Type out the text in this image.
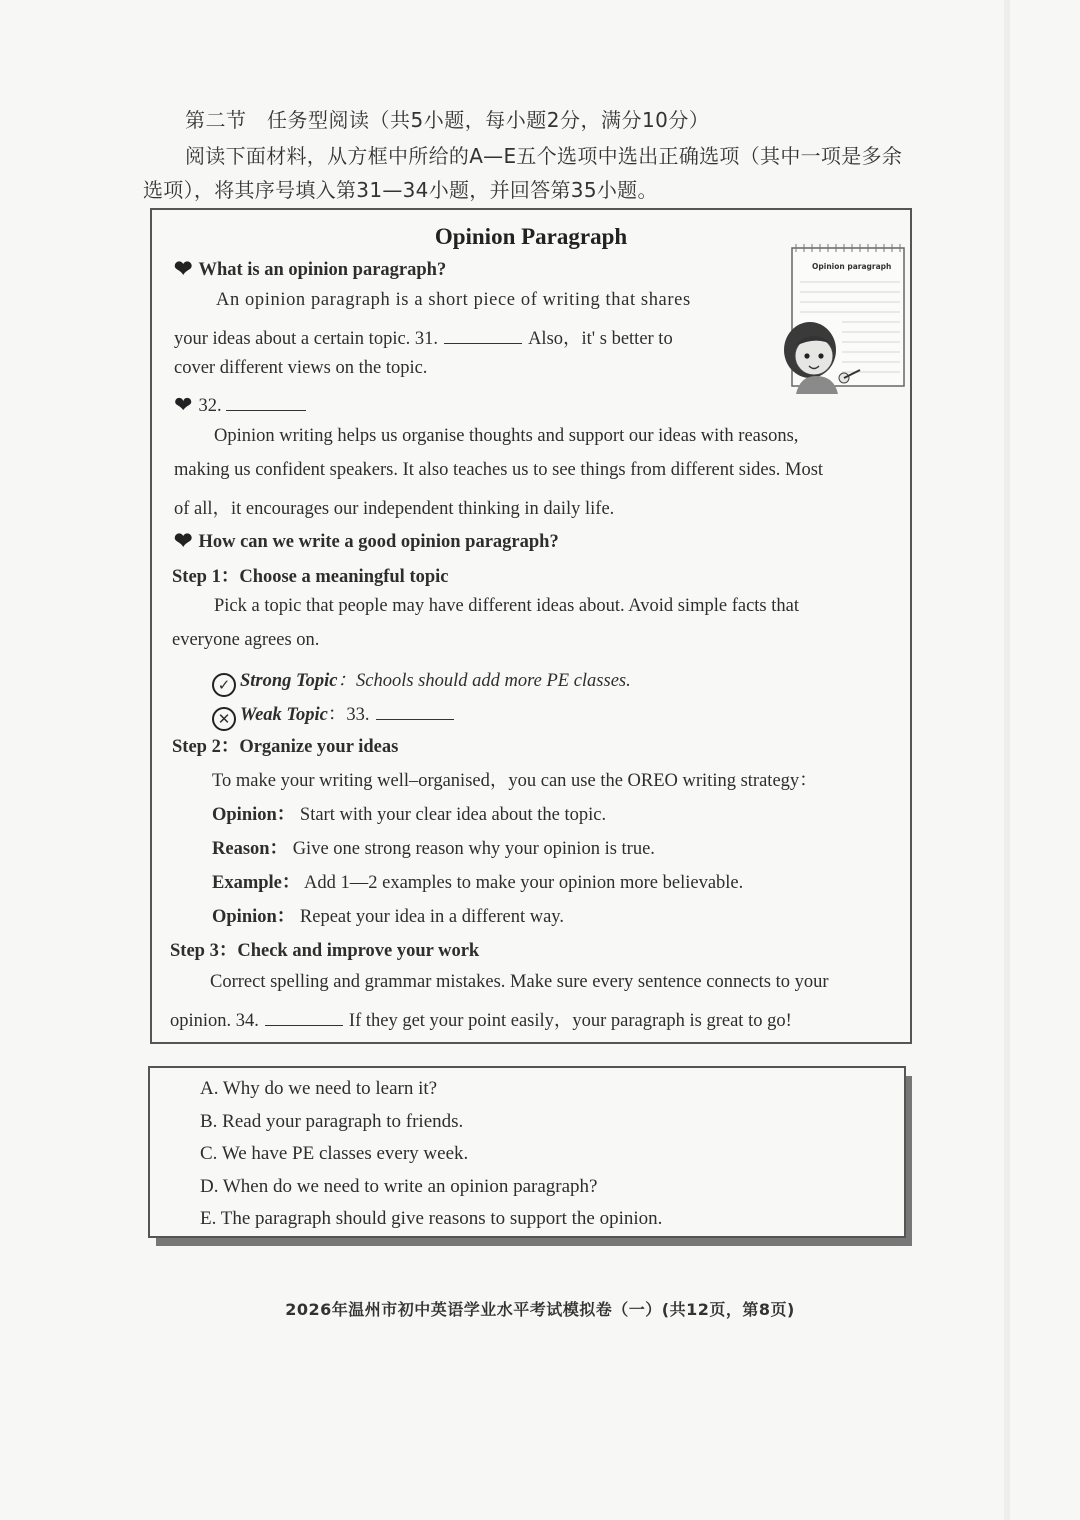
第二节　任务型阅读（共5小题，每小题2分，满分10分）
阅读下面材料，从方框中所给的A—E五个选项中选出正确选项（其中一项是多余
选项），将其序号填入第31—34小题，并回答第35小题。
Opinion Paragraph
Opinion paragraph
❤ What is an opinion paragraph?
An opinion paragraph is a short piece of writing that shares
your ideas about a certain topic. 31.	Also，it' s better to
cover different views on the topic.
❤ 32.
Opinion writing helps us organise thoughts and support our ideas with reasons,
making us confident speakers. It also teaches us to see things from different sides. Most
of all，it encourages our independent thinking in daily life.
❤ How can we write a good opinion paragraph?
Step 1：Choose a meaningful topic
Pick a topic that people may have different ideas about. Avoid simple facts that
everyone agrees on.
✓ Strong Topic：Schools should add more PE classes.
✕ Weak Topic：33.
Step 2：Organize your ideas
To make your writing well–organised，you can use the OREO writing strategy：
Opinion： Start with your clear idea about the topic.
Reason： Give one strong reason why your opinion is true.
Example： Add 1—2 examples to make your opinion more believable.
Opinion： Repeat your idea in a different way.
Step 3：Check and improve your work
Correct spelling and grammar mistakes. Make sure every sentence connects to your
opinion. 34.	If they get your point easily，your paragraph is great to go!
A. Why do we need to learn it?
B. Read your paragraph to friends.
C. We have PE classes every week.
D. When do we need to write an opinion paragraph?
E. The paragraph should give reasons to support the opinion.
2026年温州市初中英语学业水平考试模拟卷（一）(共12页，第8页)
